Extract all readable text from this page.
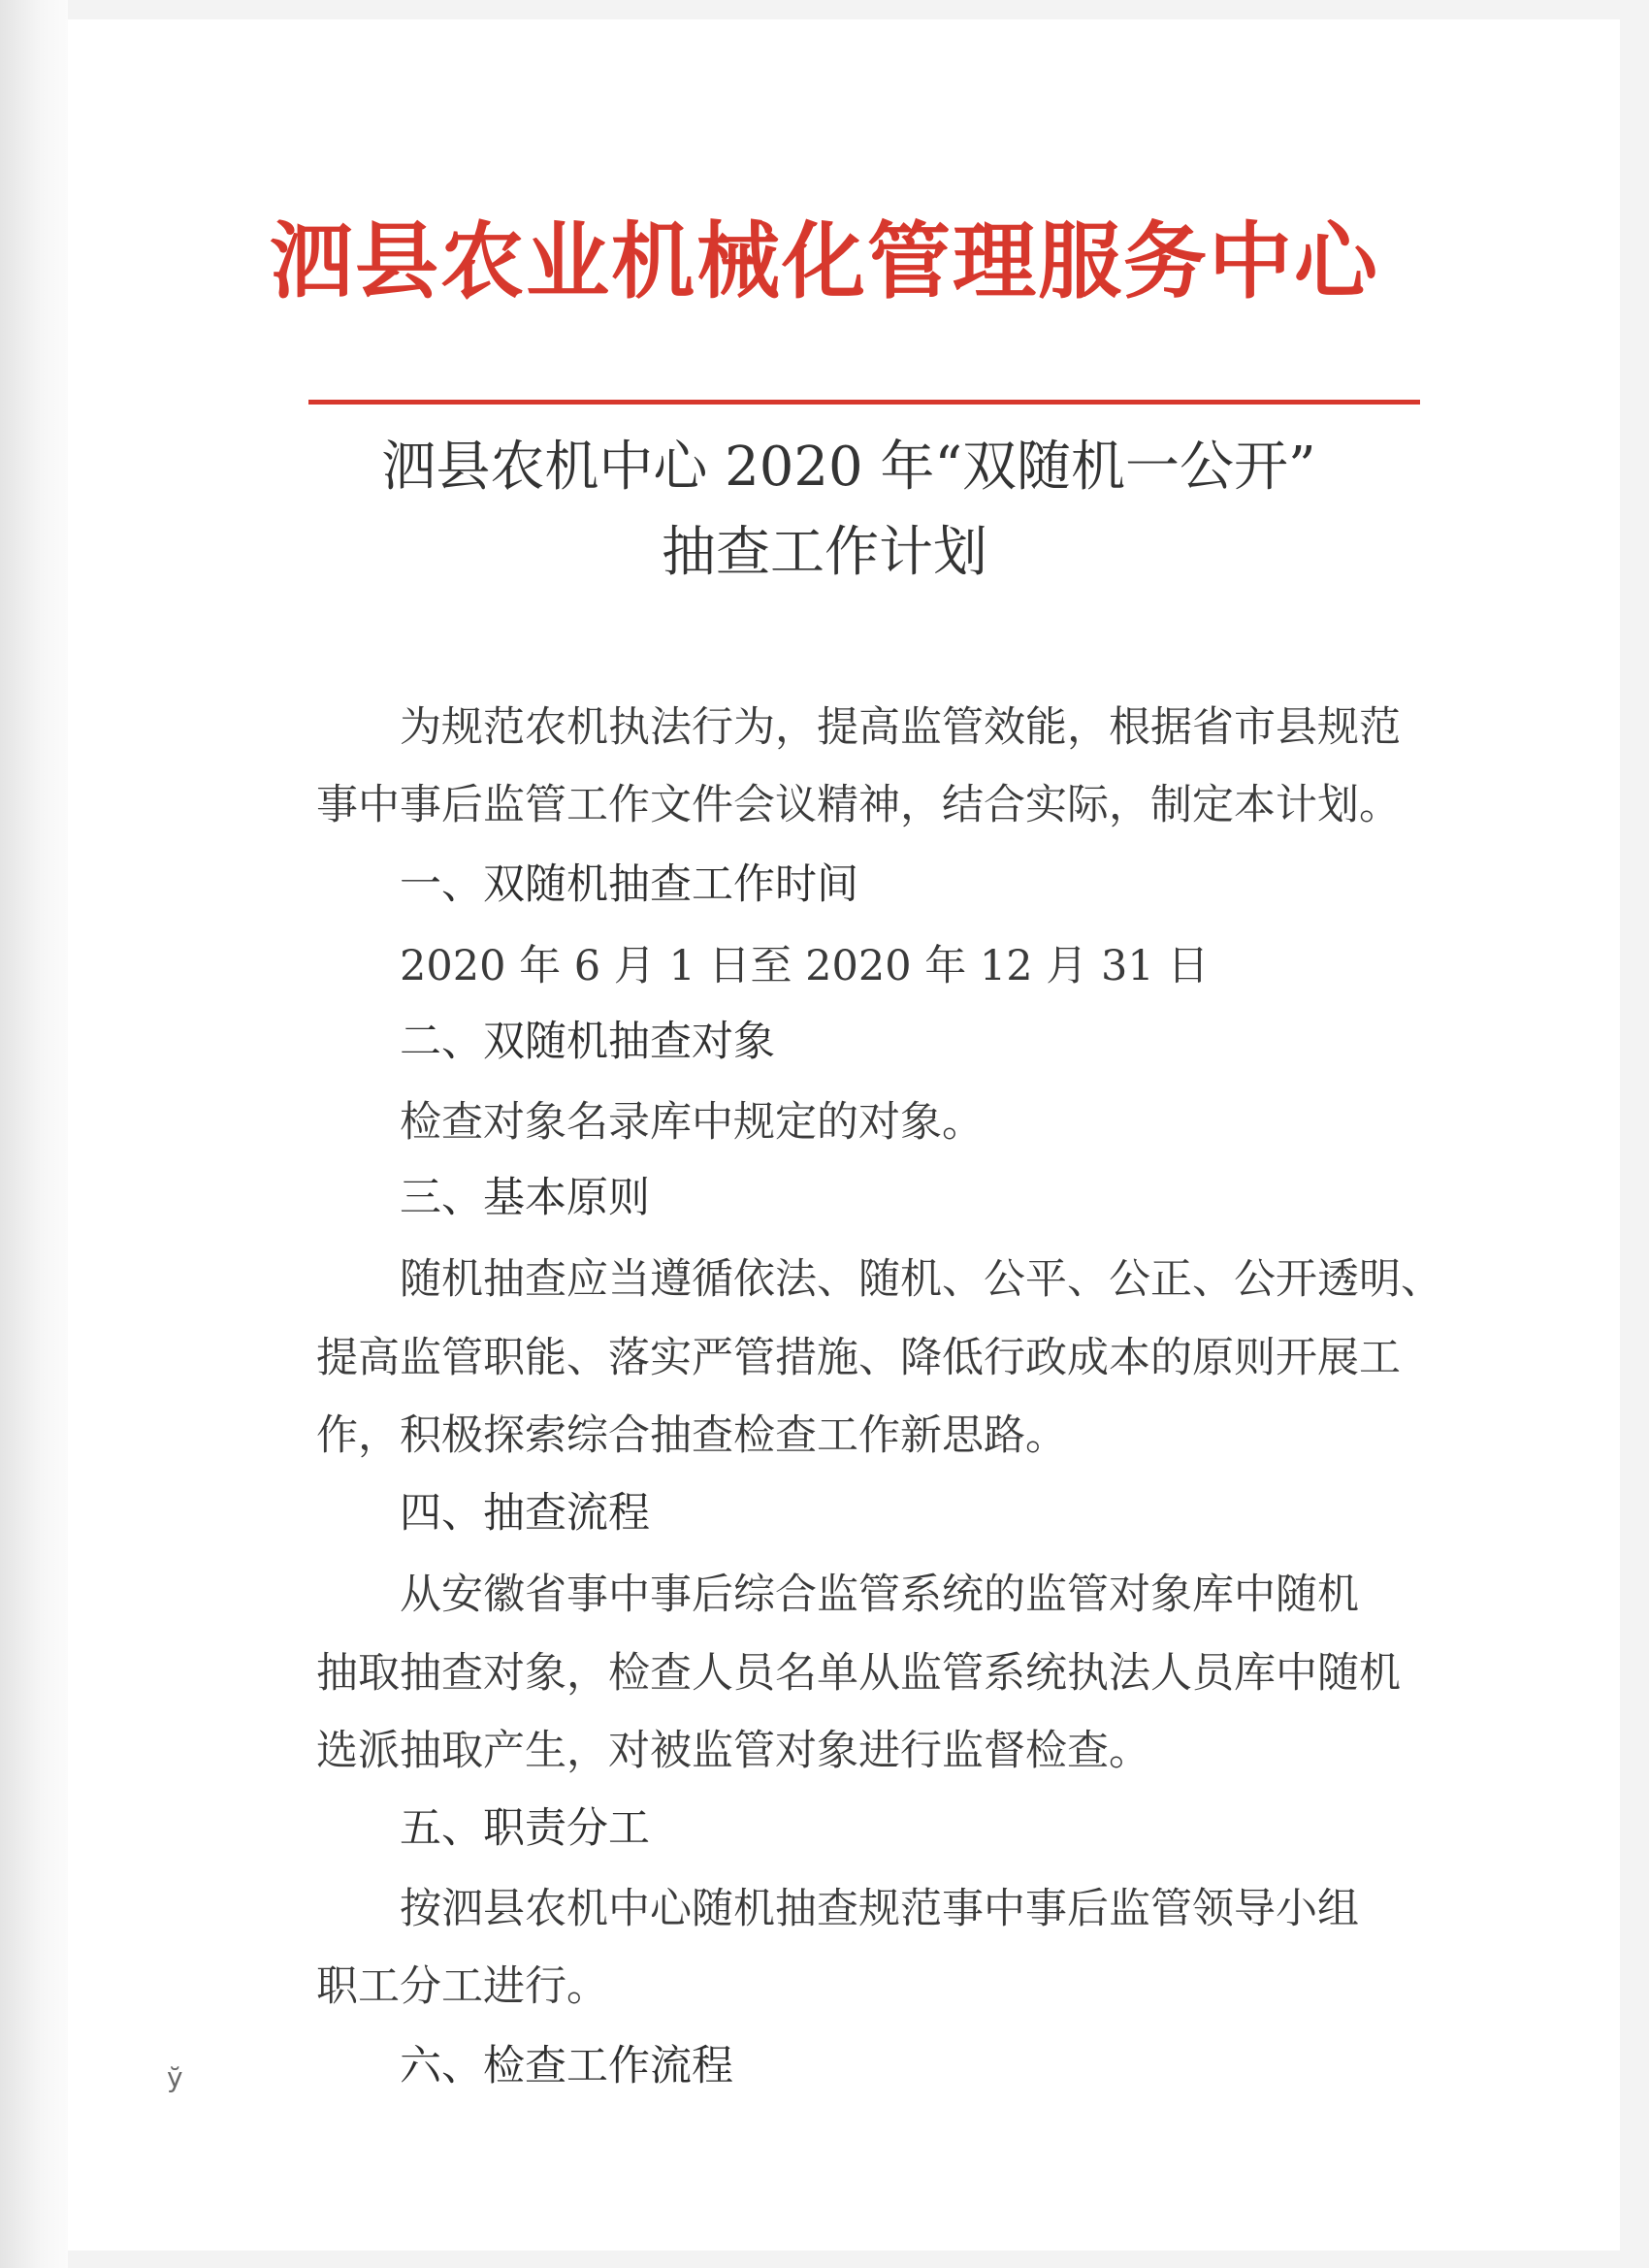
泗县农业机械化管理服务中心
泗县农机中心 2020 年“双随机一公开”
抽查工作计划
为规范农机执法行为，提高监管效能，根据省市县规范
事中事后监管工作文件会议精神，结合实际，制定本计划。
一、双随机抽查工作时间
2020 年 6 月 1 日至 2020 年 12 月 31 日
二、双随机抽查对象
检查对象名录库中规定的对象。
三、基本原则
随机抽查应当遵循依法、随机、公平、公正、公开透明、
提高监管职能、落实严管措施、降低行政成本的原则开展工
作，积极探索综合抽查检查工作新思路。
四、抽查流程
从安徽省事中事后综合监管系统的监管对象库中随机
抽取抽查对象，检查人员名单从监管系统执法人员库中随机
选派抽取产生，对被监管对象进行监督检查。
五、职责分工
按泗县农机中心随机抽查规范事中事后监管领导小组
职工分工进行。
六、检查工作流程
ў
